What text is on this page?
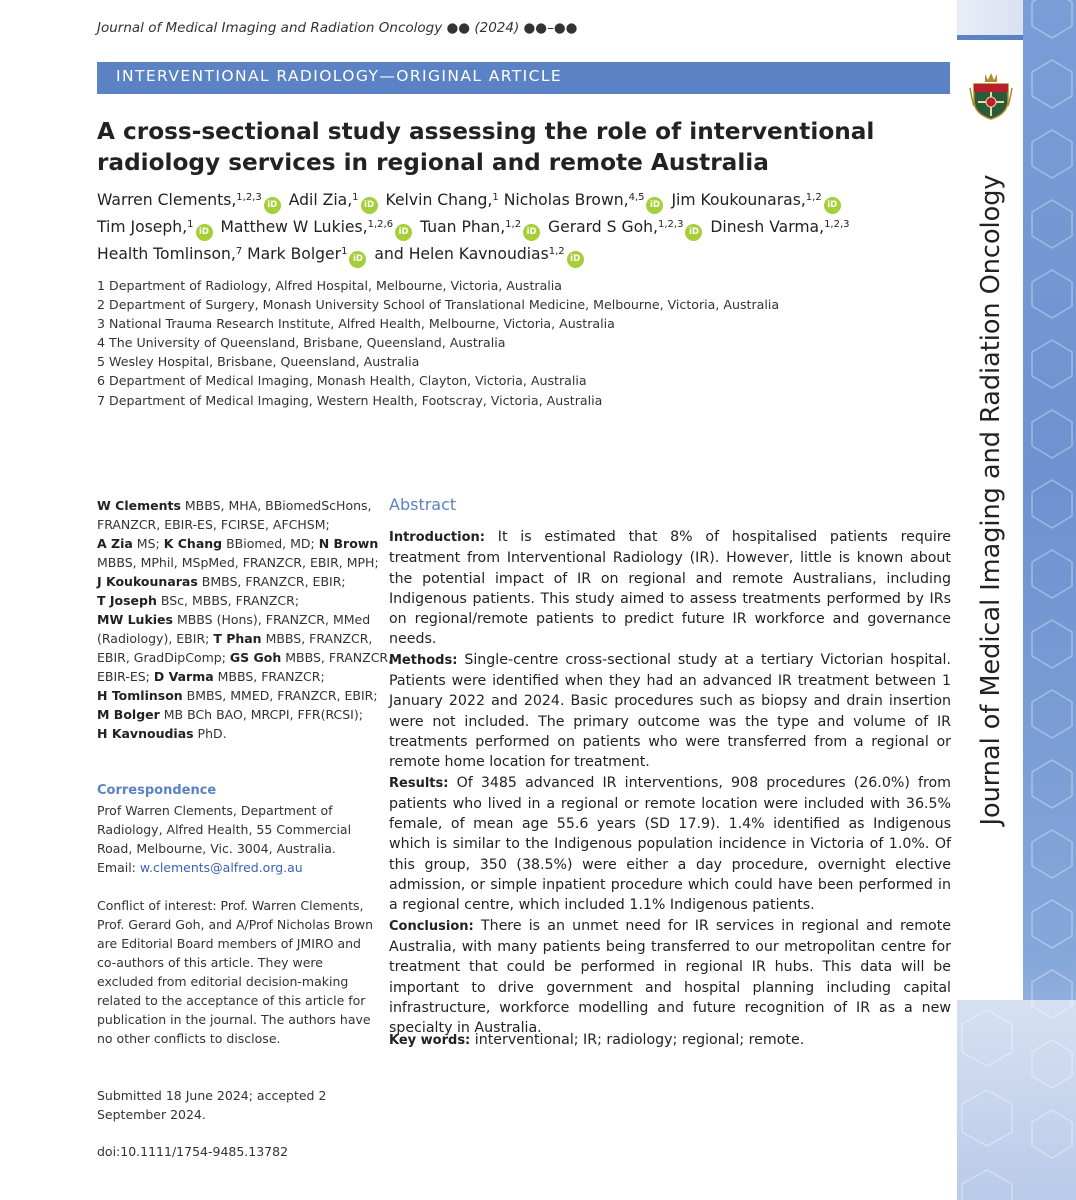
Journal of Medical Imaging and Radiation Oncology ●● (2024) ●●–●●
INTERVENTIONAL RADIOLOGY—ORIGINAL ARTICLE
A cross-sectional study assessing the role of interventional radiology services in regional and remote Australia
Warren Clements,$^{1,2,3}$iD Adil Zia,$^1$iD Kelvin Chang,$^1$ Nicholas Brown,$^{4,5}$iD Jim Koukounaras,$^{1,2}$iD
Tim Joseph,$^1$iD Matthew W Lukies,$^{1,2,6}$iD Tuan Phan,$^{1,2}$iD Gerard S Goh,$^{1,2,3}$iD Dinesh Varma,$^{1,2,3}$
Health Tomlinson,$^7$ Mark Bolger$^1$iD and Helen Kavnoudias$^{1,2}$iD
1 Department of Radiology, Alfred Hospital, Melbourne, Victoria, Australia
2 Department of Surgery, Monash University School of Translational Medicine, Melbourne, Victoria, Australia
3 National Trauma Research Institute, Alfred Health, Melbourne, Victoria, Australia
4 The University of Queensland, Brisbane, Queensland, Australia
5 Wesley Hospital, Brisbane, Queensland, Australia
6 Department of Medical Imaging, Monash Health, Clayton, Victoria, Australia
7 Department of Medical Imaging, Western Health, Footscray, Victoria, Australia
W Clements MBBS, MHA, BBiomedScHons,
FRANZCR, EBIR-ES, FCIRSE, AFCHSM;
A Zia MS; K Chang BBiomed, MD; N Brown
MBBS, MPhil, MSpMed, FRANZCR, EBIR, MPH;
J Koukounaras BMBS, FRANZCR, EBIR;
T Joseph BSc, MBBS, FRANZCR;
MW Lukies MBBS (Hons), FRANZCR, MMed
(Radiology), EBIR; T Phan MBBS, FRANZCR,
EBIR, GradDipComp; GS Goh MBBS, FRANZCR,
EBIR-ES; D Varma MBBS, FRANZCR;
H Tomlinson BMBS, MMED, FRANZCR, EBIR;
M Bolger MB BCh BAO, MRCPI, FFR(RCSI);
H Kavnoudias PhD.
Correspondence
Prof Warren Clements, Department of Radiology, Alfred Health, 55 Commercial Road, Melbourne, Vic. 3004, Australia. Email: w.clements@alfred.org.au
Conflict of interest: Prof. Warren Clements, Prof. Gerard Goh, and A/Prof Nicholas Brown are Editorial Board members of JMIRO and co-authors of this article. They were excluded from editorial decision-making related to the acceptance of this article for publication in the journal. The authors have no other conflicts to disclose.
Submitted 18 June 2024; accepted 2 September 2024.
doi:10.1111/1754-9485.13782
Abstract

Introduction: It is estimated that 8% of hospitalised patients require treatment from Interventional Radiology (IR). However, little is known about the potential impact of IR on regional and remote Australians, including Indigenous patients. This study aimed to assess treatments performed by IRs on regional/remote patients to predict future IR workforce and governance needs.

Methods: Single-centre cross-sectional study at a tertiary Victorian hospital. Patients were identified when they had an advanced IR treatment between 1 January 2022 and 2024. Basic procedures such as biopsy and drain insertion were not included. The primary outcome was the type and volume of IR treatments performed on patients who were transferred from a regional or remote home location for treatment.

Results: Of 3485 advanced IR interventions, 908 procedures (26.0%) from patients who lived in a regional or remote location were included with 36.5% female, of mean age 55.6 years (SD 17.9). 1.4% identified as Indigenous which is similar to the Indigenous population incidence in Victoria of 1.0%. Of this group, 350 (38.5%) were either a day procedure, overnight elective admission, or simple inpatient procedure which could have been performed in a regional centre, which included 1.1% Indigenous patients.

Conclusion: There is an unmet need for IR services in regional and remote Australia, with many patients being transferred to our metropolitan centre for treatment that could be performed in regional IR hubs. This data will be important to drive government and hospital planning including capital infrastructure, workforce modelling and future recognition of IR as a new specialty in Australia.

Key words: interventional; IR; radiology; regional; remote.
Journal of Medical Imaging and Radiation Oncology
